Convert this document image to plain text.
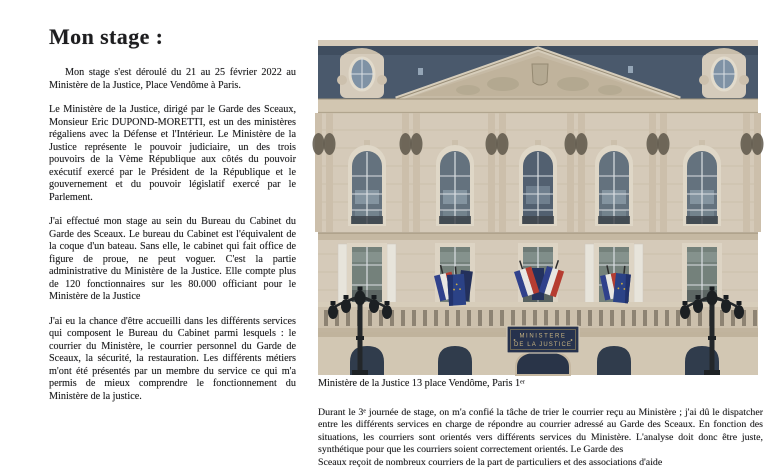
Mon stage :

Mon stage s'est déroulé du 21 au 25 février 2022 au Ministère de la Justice, Place Vendôme à Paris.

Le Ministère de la Justice, dirigé par le Garde des Sceaux, Monsieur Eric DUPOND-MORETTI, est un des ministères régaliens avec la Défense et l'Intérieur. Le Ministère de la Justice représente le pouvoir judiciaire, un des trois pouvoirs de la Vème République aux côtés du pouvoir exécutif exercé par le Président de la République et le gouvernement et du pouvoir législatif exercé par le Parlement.

J'ai effectué mon stage au sein du Bureau du Cabinet du Garde des Sceaux. Le bureau du Cabinet est l'équivalent de la coque d'un bateau. Sans elle, le cabinet qui fait office de figure de proue, ne peut voguer. C'est la partie administrative du Ministère de la Justice. Elle compte plus de 120 fonctionnaires sur les 80.000 officiant pour le Ministère de la Justice

J'ai eu la chance d'être accueilli dans les différents services qui composent le Bureau du Cabinet parmi lesquels : le courrier du Ministère, le courrier personnel du Garde de Sceaux, la sécurité, la restauration. Les différents métiers m'ont été présentés par un membre du service ce qui m'a permis de mieux comprendre le fonctionnement du Ministère de la justice.

MINISTERE
DE LA JUSTICE
Ministère de la Justice 13 place Vendôme, Paris 1ᵉʳ

Durant le 3ᵉ journée de stage, on m'a confié la tâche de trier le courrier reçu au Ministère ; j'ai dû le dispatcher entre les différents services en charge de répondre au courrier adressé au Garde des Sceaux. En fonction des situations, les courriers sont orientés vers différents services du Ministère. L'analyse doit donc être juste, synthétique pour que les courriers soient correctement orientés. Le Garde des

Sceaux reçoit de nombreux courriers de la part de particuliers et des associations d'aide
